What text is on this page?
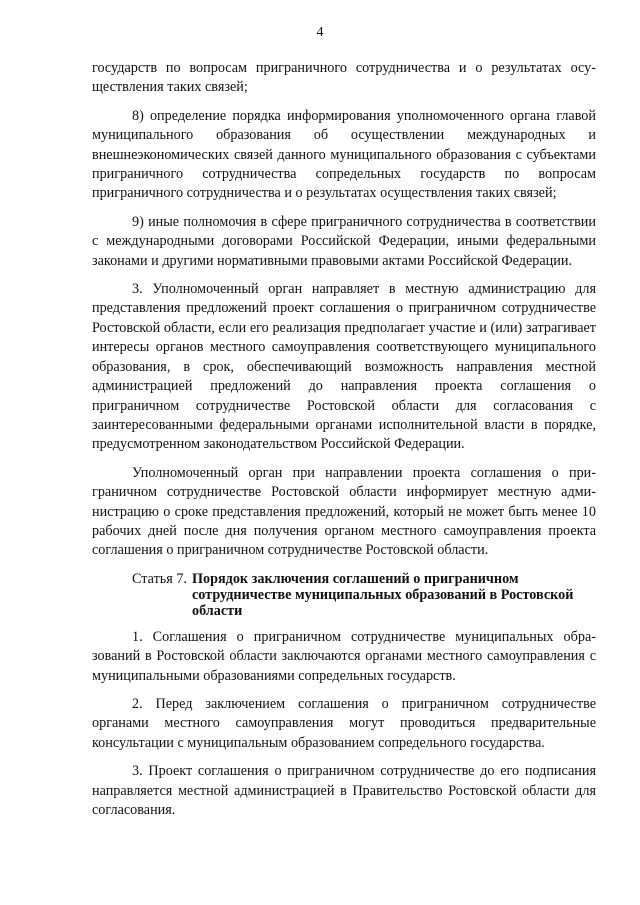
4

государств по вопросам приграничного сотрудничества и о результатах осуществления таких связей;

8) определение порядка информирования уполномоченного органа главой муниципального образования об осуществлении международных и внешнеэкономических связей данного муниципального образования с субъектами приграничного сотрудничества сопредельных государств по вопросам приграничного сотрудничества и о результатах осуществления таких связей;

9) иные полномочия в сфере приграничного сотрудничества в соответствии с международными договорами Российской Федерации, иными федеральными законами и другими нормативными правовыми актами Российской Федерации.

3. Уполномоченный орган направляет в местную администрацию для представления предложений проект соглашения о приграничном сотрудничестве Ростовской области, если его реализация предполагает участие и (или) затрагивает интересы органов местного самоуправления соответствующего муниципального образования, в срок, обеспечивающий возможность направления местной администрацией предложений до направления проекта соглашения о приграничном сотрудничестве Ростовской области для согласования с заинтересованными федеральными органами исполнительной власти в порядке, предусмотренном законодательством Российской Федерации.

Уполномоченный орган при направлении проекта соглашения о приграничном сотрудничестве Ростовской области информирует местную администрацию о сроке представления предложений, который не может быть менее 10 рабочих дней после дня получения органом местного самоуправления проекта соглашения о приграничном сотрудничестве Ростовской области.

Статья 7. Порядок заключения соглашений о приграничном сотрудничестве муниципальных образований в Ростовской области

1. Соглашения о приграничном сотрудничестве муниципальных образований в Ростовской области заключаются органами местного самоуправления с муниципальными образованиями сопредельных государств.

2. Перед заключением соглашения о приграничном сотрудничестве органами местного самоуправления могут проводиться предварительные консультации с муниципальным образованием сопредельного государства.

3. Проект соглашения о приграничном сотрудничестве до его подписания направляется местной администрацией в Правительство Ростовской области для согласования.
